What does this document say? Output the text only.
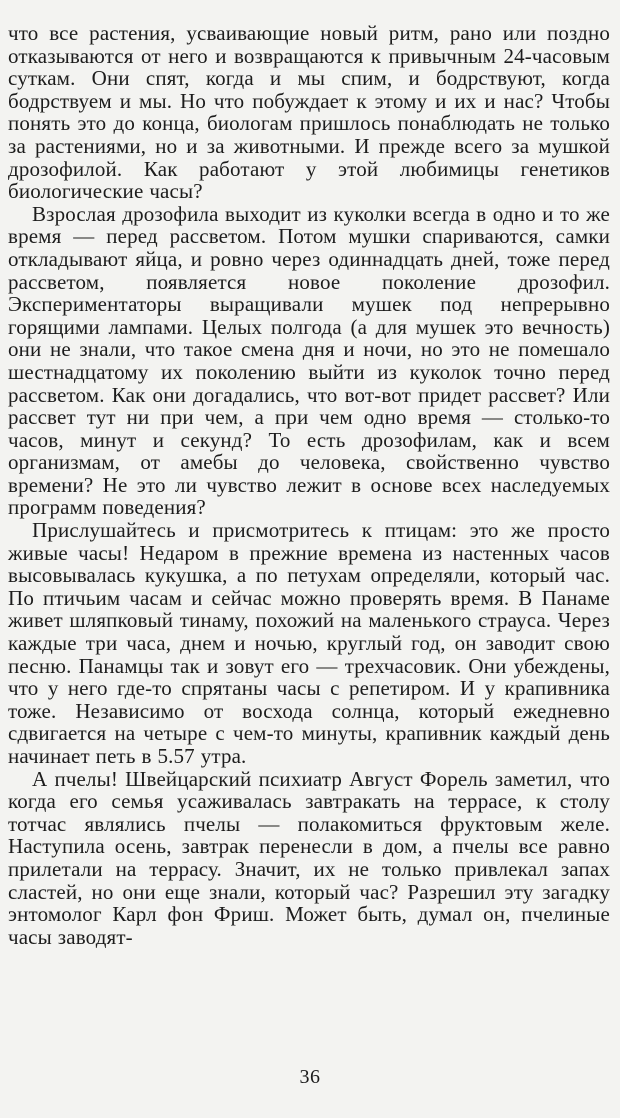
что все растения, усваивающие новый ритм, рано или поздно отказываются от него и возвращаются к привычным 24-часовым суткам. Они спят, когда и мы спим, и бодрствуют, когда бодрствуем и мы. Но что побуждает к этому и их и нас? Чтобы понять это до конца, биологам пришлось понаблюдать не только за растениями, но и за животными. И прежде всего за мушкой дрозофилой. Как работают у этой любимицы генетиков биологические часы?

Взрослая дрозофила выходит из куколки всегда в одно и то же время — перед рассветом. Потом мушки спариваются, самки откладывают яйца, и ровно через одиннадцать дней, тоже перед рассветом, появляется новое поколение дрозофил. Экспериментаторы выращивали мушек под непрерывно горящими лампами. Целых полгода (а для мушек это вечность) они не знали, что такое смена дня и ночи, но это не помешало шестнадцатому их поколению выйти из куколок точно перед рассветом. Как они догадались, что вот-вот придет рассвет? Или рассвет тут ни при чем, а при чем одно время — столько-то часов, минут и секунд? То есть дрозофилам, как и всем организмам, от амебы до человека, свойственно чувство времени? Не это ли чувство лежит в основе всех наследуемых программ поведения?

Прислушайтесь и присмотритесь к птицам: это же просто живые часы! Недаром в прежние времена из настенных часов высовывалась кукушка, а по петухам определяли, который час. По птичьим часам и сейчас можно проверять время. В Панаме живет шляпковый тинаму, похожий на маленького страуса. Через каждые три часа, днем и ночью, круглый год, он заводит свою песню. Панамцы так и зовут его — трехчасовик. Они убеждены, что у него где-то спрятаны часы с репетиром. И у крапивника тоже. Независимо от восхода солнца, который ежедневно сдвигается на четыре с чем-то минуты, крапивник каждый день начинает петь в 5.57 утра.

А пчелы! Швейцарский психиатр Август Форель заметил, что когда его семья усаживалась завтракать на террасе, к столу тотчас являлись пчелы — полакомиться фруктовым желе. Наступила осень, завтрак перенесли в дом, а пчелы все равно прилетали на террасу. Значит, их не только привлекал запах сластей, но они еще знали, который час? Разрешил эту загадку энтомолог Карл фон Фриш. Может быть, думал он, пчелиные часы заводят-

36
